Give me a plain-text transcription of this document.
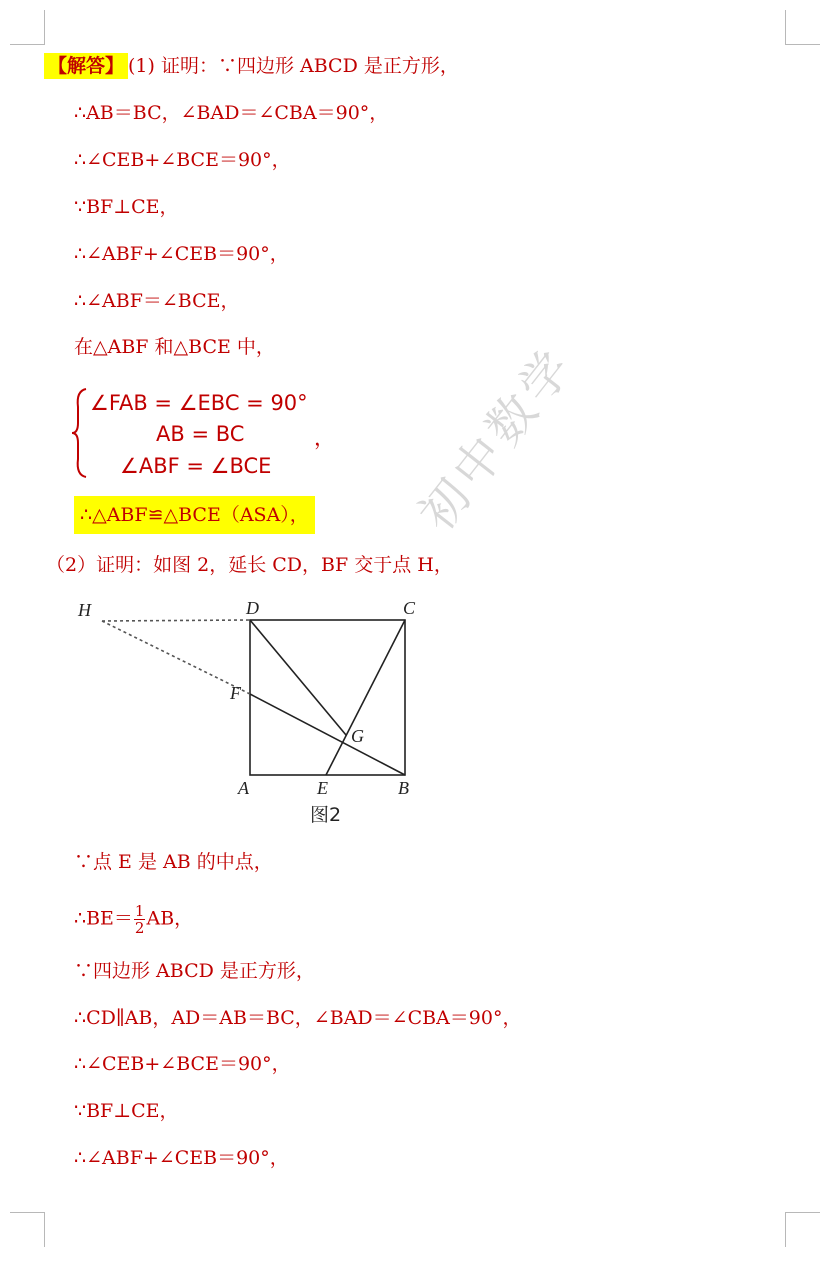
初中数学
【解答】 (1) 证明：∵四边形 ABCD 是正方形，
∴AB＝BC，∠BAD＝∠CBA＝90°，
∴∠CEB+∠BCE＝90°，
∵BF⊥CE，
∴∠ABF+∠CEB＝90°，
∴∠ABF＝∠BCE，
在△ABF 和△BCE 中，
∠FAB = ∠EBC = 90°
AB = BC
∠ABF = ∠BCE
，
∴△ABF≌△BCE（ASA），
（2）证明：如图 2，延长 CD，BF 交于点 H，
H	D	C
F
G
A	E	B
图2
∵点 E 是 AB 的中点，
∴BE＝ $\frac{1}{2}$ AB，
∵四边形 ABCD 是正方形，
∴CD∥AB，AD＝AB＝BC，∠BAD＝∠CBA＝90°，
∴∠CEB+∠BCE＝90°，
∵BF⊥CE，
∴∠ABF+∠CEB＝90°，
